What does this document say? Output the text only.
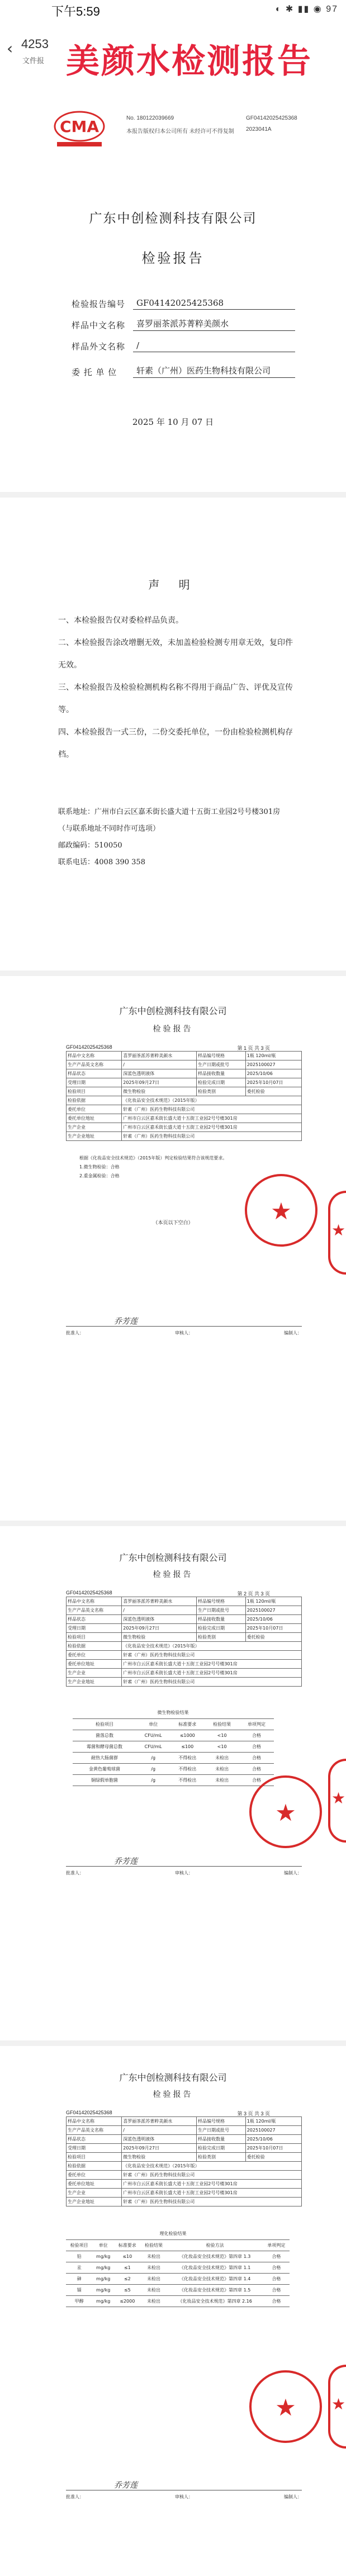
下午5:59	◐ ✱ ▮▮ ◉ 97
‹ 4253
文件报 美颜水检测报告
CMA	No. 180122039669	GF04142025425368
本报告版权归本公司所有 未经许可不得复制 2023041A
广东中创检测科技有限公司
检验报告
检验报告编号	GF04142025425368
样品中文名称	喜罗丽茶派苏菁粹美颜水
样品外文名称	/
委 托 单 位	轩素（广州）医药生物科技有限公司
2025 年 10 月 07 日
声 明

一、本检验报告仅对委检样品负责。

二、本检验报告涂改增删无效，未加盖检验检测专用章无效，复印件无效。

三、本检验报告及检验检测机构名称不得用于商品广告、评优及宣传等。

四、本检验报告一式三份，二份交委托单位，一份由检验检测机构存档。

联系地址：广州市白云区嘉禾街长盛大道十五街工业园2号号楼301房

（与联系地址不同时作可选项）

邮政编码：510050

联系电话：4008 390 358

广东中创检测科技有限公司
检验报告
GF04142025425368	第 1 页 共 3 页
样品中文名称	喜罗丽茶派苏菁粹美颜水	样品编号规格	1瓶 120ml/瓶
生产产品英文名称	/	生产日期或批号	2025100027
样品状态	深蓝色透明液体	样品接收数量	2025/10/06
受理日期	2025年09月27日	检验完成日期	2025年10月07日
检验项目	微生物检验	检验类别	委托检验
检验依据	《化妆品安全技术规范》（2015年版）		
委托单位	轩素（广州）医药生物科技有限公司		
委托单位地址	广州市白云区嘉禾街长盛大道十五街工业园2号号楼301房		
生产企业	广州市白云区嘉禾街长盛大道十五街工业园2号号楼301房		
生产企业地址	轩素（广州）医药生物科技有限公司		

根据《化妆品安全技术规范》（2015年版）判定检验结果符合该规范要求。

1.微生物检验：合格

2.重金属检验：合格

（本页以下空白）	★
★
批准人：
乔芳莲
审核人：	编制人：
广东中创检测科技有限公司
检验报告
GF04142025425368	第 2 页 共 3 页
样品中文名称	喜罗丽茶派苏菁粹美颜水	样品编号规格	1瓶 120ml/瓶
生产产品英文名称	/	生产日期或批号	2025100027
样品状态	深蓝色透明液体	样品接收数量	2025/10/06
受理日期	2025年09月27日	检验完成日期	2025年10月07日
检验项目	微生物检验	检验类别	委托检验
检验依据	《化妆品安全技术规范》（2015年版）		
委托单位	轩素（广州）医药生物科技有限公司		
委托单位地址	广州市白云区嘉禾街长盛大道十五街工业园2号号楼301房		
生产企业	广州市白云区嘉禾街长盛大道十五街工业园2号号楼301房		
生产企业地址	轩素（广州）医药生物科技有限公司		
微生物检验结果
检验项目	单位	标准要求	检验结果	单项判定
菌落总数	CFU/mL	≤1000	<10	合格
霉菌和酵母菌总数	CFU/mL	≤100	<10	合格
耐热大肠菌群	/g	不得检出	未检出	合格
金黄色葡萄球菌	/g	不得检出	未检出	合格
铜绿假单胞菌	/g	不得检出	未检出	合格
★
★
批准人：
乔芳莲
审核人：	编制人：
广东中创检测科技有限公司
检验报告
GF04142025425368	第 3 页 共 3 页
样品中文名称	喜罗丽茶派苏菁粹美颜水	样品编号规格	1瓶 120ml/瓶
生产产品英文名称	/	生产日期或批号	2025100027
样品状态	深蓝色透明液体	样品接收数量	2025/10/06
受理日期	2025年09月27日	检验完成日期	2025年10月07日
检验项目	微生物检验	检验类别	委托检验
检验依据	《化妆品安全技术规范》（2015年版）		
委托单位	轩素（广州）医药生物科技有限公司		
委托单位地址	广州市白云区嘉禾街长盛大道十五街工业园2号号楼301房		
生产企业	广州市白云区嘉禾街长盛大道十五街工业园2号号楼301房		
生产企业地址	轩素（广州）医药生物科技有限公司		
理化检验结果
检验项目	单位	标准要求	检验结果	检验方法	单项判定
铅	mg/kg	≤10	未检出	《化妆品安全技术规范》第四章 1.3	合格
汞	mg/kg	≤1	未检出	《化妆品安全技术规范》第四章 1.1	合格
砷	mg/kg	≤2	未检出	《化妆品安全技术规范》第四章 1.4	合格
镉	mg/kg	≤5	未检出	《化妆品安全技术规范》第四章 1.5	合格
甲醇	mg/kg	≤2000	未检出	《化妆品安全技术规范》第四章 2.16	合格
★	★
批准人：
乔芳莲
审核人：	编制人：
